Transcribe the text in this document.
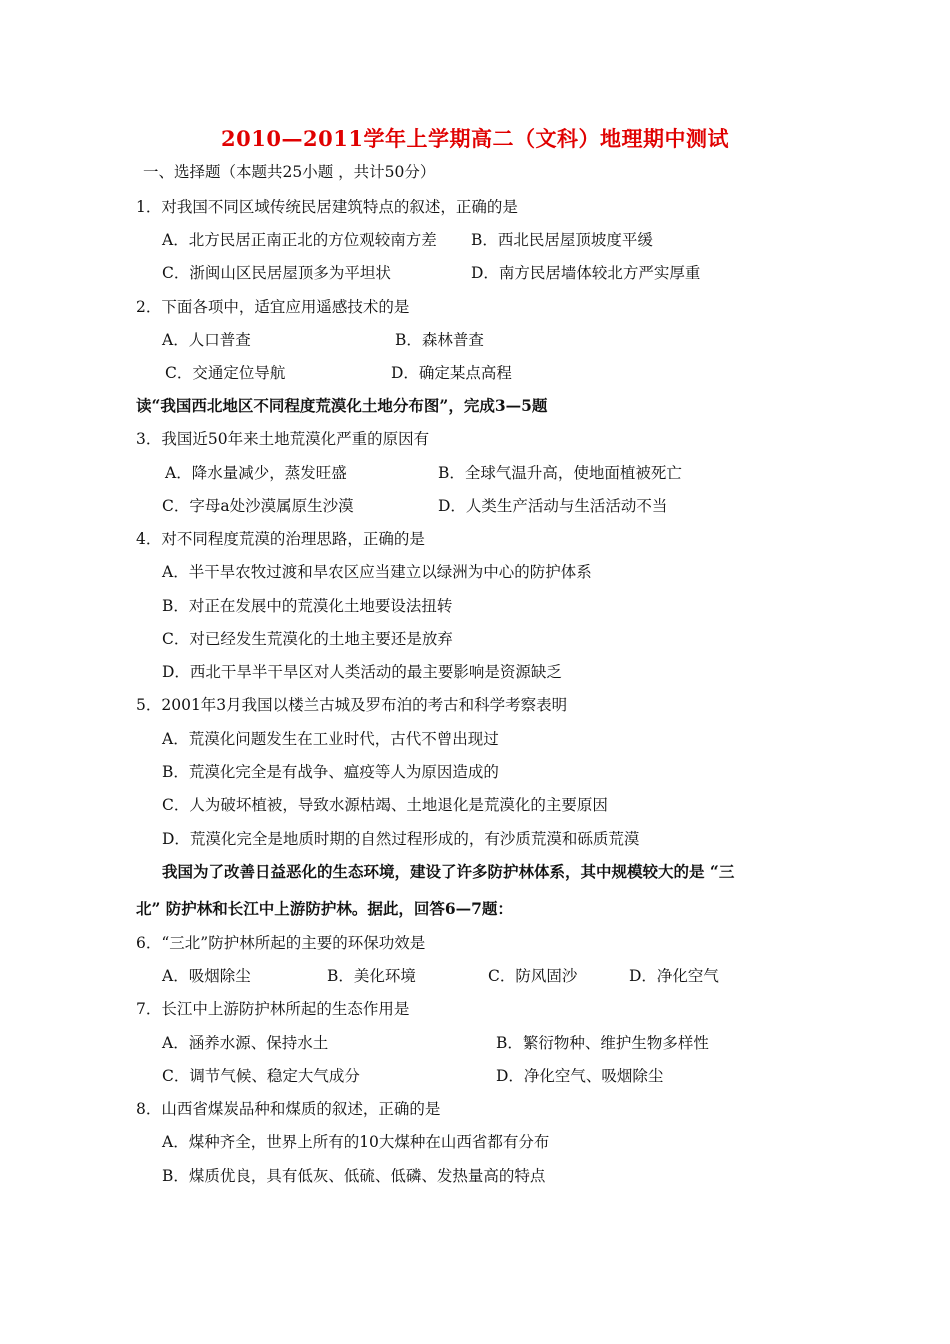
2010—2011学年上学期高二（文科）地理期中测试
一、选择题（本题共25小题 ，共计50分）
1．对我国不同区域传统民居建筑特点的叙述，正确的是
A．北方民居正南正北的方位观较南方差 B．西北民居屋顶坡度平缓
C．浙闽山区民居屋顶多为平坦状	D．南方民居墙体较北方严实厚重
2．下面各项中，适宜应用遥感技术的是
A．人口普查	B．森林普查
C．交通定位导航	D．确定某点高程
读“我国西北地区不同程度荒漠化土地分布图”，完成3—5题
3．我国近50年来土地荒漠化严重的原因有
A．降水量减少，蒸发旺盛	B．全球气温升高，使地面植被死亡
C．字母a处沙漠属原生沙漠	D．人类生产活动与生活活动不当
4．对不同程度荒漠的治理思路，正确的是
A．半干旱农牧过渡和旱农区应当建立以绿洲为中心的防护体系
B．对正在发展中的荒漠化土地要设法扭转
C．对已经发生荒漠化的土地主要还是放弃
D．西北干旱半干旱区对人类活动的最主要影响是资源缺乏
5．2001年3月我国以楼兰古城及罗布泊的考古和科学考察表明
A．荒漠化问题发生在工业时代，古代不曾出现过
B．荒漠化完全是有战争、瘟疫等人为原因造成的
C．人为破坏植被，导致水源枯竭、土地退化是荒漠化的主要原因
D．荒漠化完全是地质时期的自然过程形成的，有沙质荒漠和砾质荒漠
我国为了改善日益恶化的生态环境，建设了许多防护林体系，其中规模较大的是 “三
北” 防护林和长江中上游防护林。据此，回答6—7题：
6．“三北”防护林所起的主要的环保功效是
A．吸烟除尘	B．美化环境	C．防风固沙	D．净化空气
7．长江中上游防护林所起的生态作用是
A．涵养水源、保持水土	B．繁衍物种、维护生物多样性
C．调节气候、稳定大气成分	D．净化空气、吸烟除尘
8．山西省煤炭品种和煤质的叙述，正确的是
A．煤种齐全，世界上所有的10大煤种在山西省都有分布
B．煤质优良，具有低灰、低硫、低磷、发热量高的特点
